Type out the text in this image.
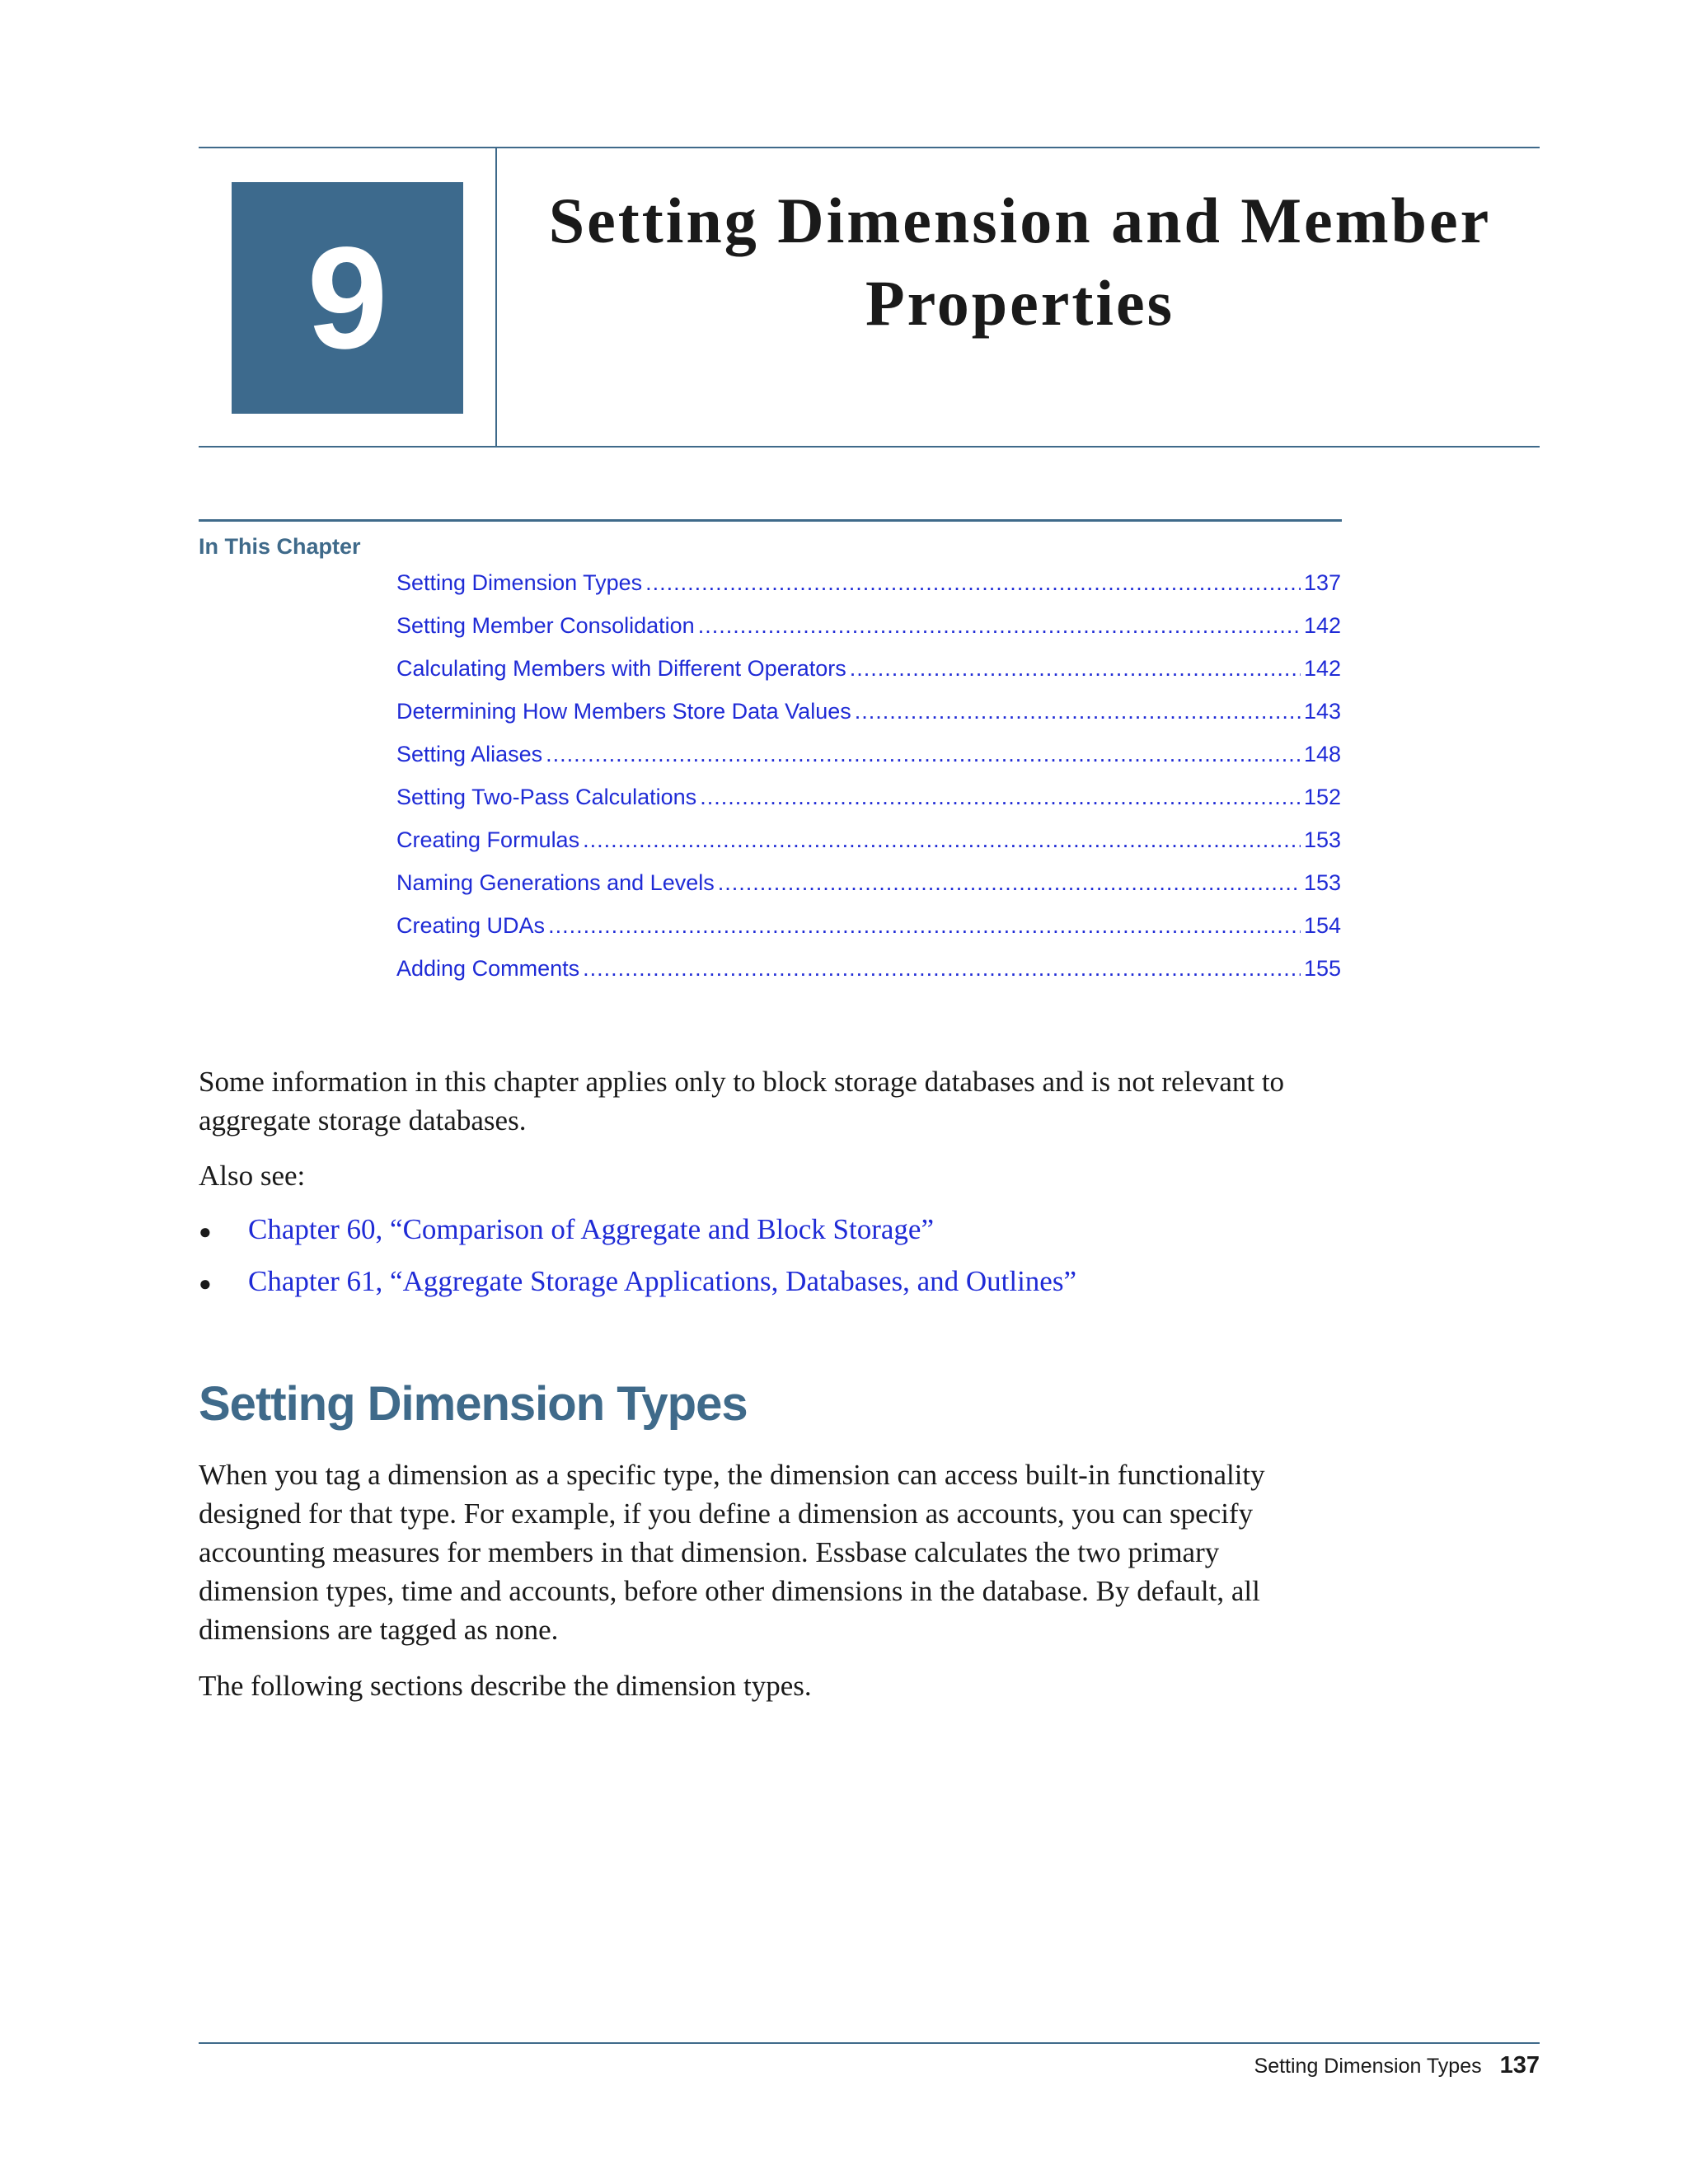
9	Setting Dimension and Member Properties
In This Chapter
Setting Dimension Types .....	137
Setting Member Consolidation .....	142
Calculating Members with Different Operators .....	142
Determining How Members Store Data Values .....	143
Setting Aliases .....	148
Setting Two-Pass Calculations .....	152
Creating Formulas .....	153
Naming Generations and Levels .....	153
Creating UDAs .....	154
Adding Comments .....	155

Some information in this chapter applies only to block storage databases and is not relevant to aggregate storage databases.

Also see:

●	Chapter 60, “Comparison of Aggregate and Block Storage”
●	Chapter 61, “Aggregate Storage Applications, Databases, and Outlines”
Setting Dimension Types

When you tag a dimension as a specific type, the dimension can access built-in functionality designed for that type. For example, if you define a dimension as accounts, you can specify accounting measures for members in that dimension. Essbase calculates the two primary dimension types, time and accounts, before other dimensions in the database. By default, all dimensions are tagged as none.

The following sections describe the dimension types.

Setting Dimension Types 137
